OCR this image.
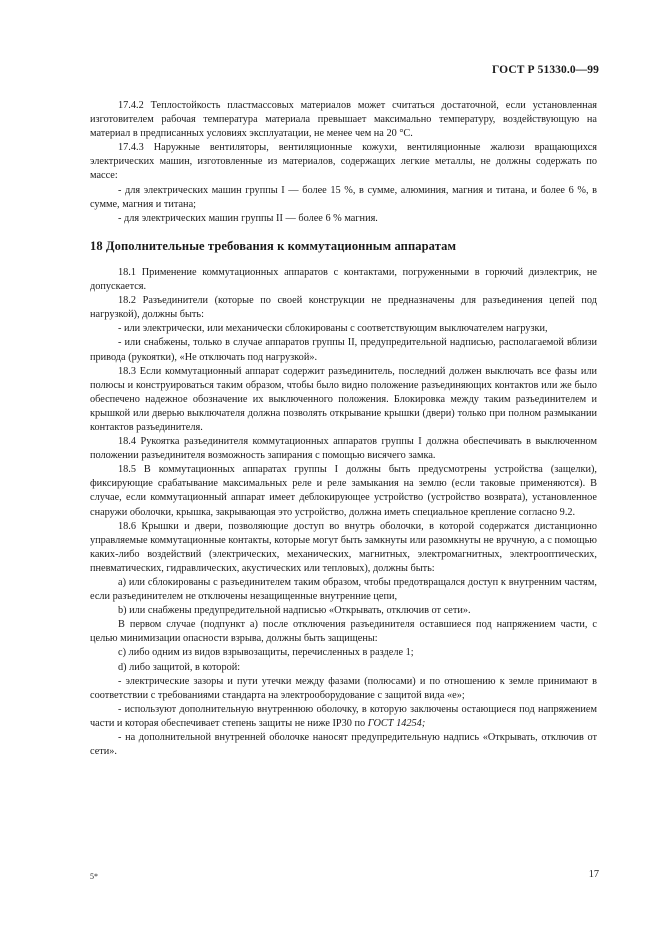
ГОСТ Р 51330.0—99

17.4.2 Теплостойкость пластмассовых материалов может считаться достаточной, если установленная изготовителем рабочая температура материала превышает максимально температуру, воздействующую на материал в предписанных условиях эксплуатации, не менее чем на 20 °С.

17.4.3 Наружные вентиляторы, вентиляционные кожухи, вентиляционные жалюзи вращающихся электрических машин, изготовленные из материалов, содержащих легкие металлы, не должны содержать по массе:

- для электрических машин группы I — более 15 %, в сумме, алюминия, магния и титана, и более 6 %, в сумме, магния и титана;

- для электрических машин группы II — более 6 % магния.

18 Дополнительные требования к коммутационным аппаратам

18.1 Применение коммутационных аппаратов с контактами, погруженными в горючий диэлектрик, не допускается.

18.2 Разъединители (которые по своей конструкции не предназначены для разъединения цепей под нагрузкой), должны быть:

- или электрически, или механически сблокированы с соответствующим выключателем нагрузки,

- или снабжены, только в случае аппаратов группы II, предупредительной надписью, располагаемой вблизи привода (рукоятки), «Не отключать под нагрузкой».

18.3 Если коммутационный аппарат содержит разъединитель, последний должен выключать все фазы или полюсы и конструироваться таким образом, чтобы было видно положение разъединяющих контактов или же было обеспечено надежное обозначение их выключенного положения. Блокировка между таким разъединителем и крышкой или дверью выключателя должна позволять открывание крышки (двери) только при полном размыкании контактов разъединителя.

18.4 Рукоятка разъединителя коммутационных аппаратов группы I должна обеспечивать в выключенном положении разъединителя возможность запирания с помощью висячего замка.

18.5 В коммутационных аппаратах группы I должны быть предусмотрены устройства (защелки), фиксирующие срабатывание максимальных реле и реле замыкания на землю (если таковые применяются). В случае, если коммутационный аппарат имеет деблокирующее устройство (устройство возврата), установленное снаружи оболочки, крышка, закрывающая это устройство, должна иметь специальное крепление согласно 9.2.

18.6 Крышки и двери, позволяющие доступ во внутрь оболочки, в которой содержатся дистанционно управляемые коммутационные контакты, которые могут быть замкнуты или разомкнуты не вручную, а с помощью каких-либо воздействий (электрических, механических, магнитных, электромагнитных, электрооптических, пневматических, гидравлических, акустических или тепловых), должны быть:

a) или сблокированы с разъединителем таким образом, чтобы предотвращался доступ к внутренним частям, если разъединителем не отключены незащищенные внутренние цепи,

b) или снабжены предупредительной надписью «Открывать, отключив от сети».

В первом случае (подпункт а) после отключения разъединителя оставшиеся под напряжением части, с целью минимизации опасности взрыва, должны быть защищены:

c) либо одним из видов взрывозащиты, перечисленных в разделе 1;

d) либо защитой, в которой:

- электрические зазоры и пути утечки между фазами (полюсами) и по отношению к земле принимают в соответствии с требованиями стандарта на электрооборудование с защитой вида «е»;

- используют дополнительную внутреннюю оболочку, в которую заключены остающиеся под напряжением части и которая обеспечивает степень защиты не ниже IP30 по ГОСТ 14254;

- на дополнительной внутренней оболочке наносят предупредительную надпись «Открывать, отключив от сети».

5*	17
